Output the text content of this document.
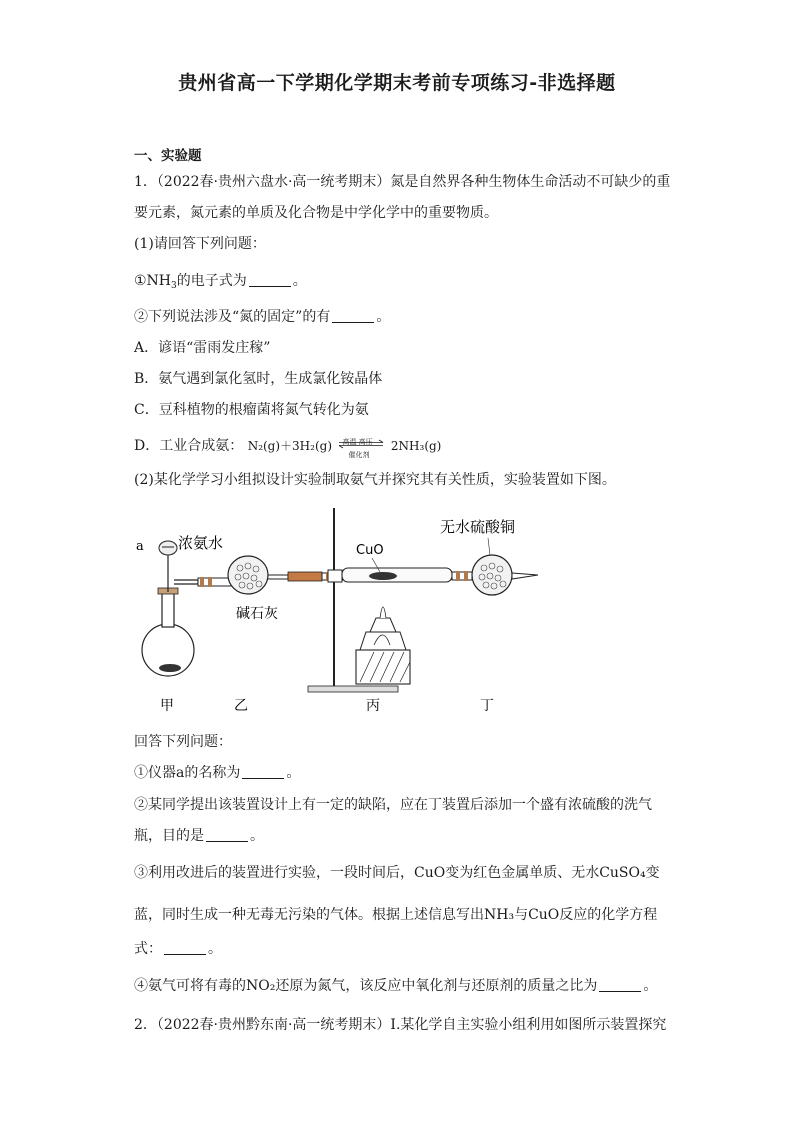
贵州省高一下学期化学期末考前专项练习-非选择题
一、实验题
1．（2022春·贵州六盘水·高一统考期末）氮是自然界各种生物体生命活动不可缺少的重
要元素，氮元素的单质及化合物是中学化学中的重要物质。
(1)请回答下列问题：
$①NH_3$的电子式为	。
②下列说法涉及“氮的固定”的有	。
A．谚语“雷雨发庄稼”
B．氨气遇到氯化氢时，生成氯化铵晶体
C．豆科植物的根瘤菌将氮气转化为氨
D．工业合成氨： N₂(g)＋3H₂(g) 高温 高压
催化剂
2NH₃(g)
(2)某化学学习小组拟设计实验制取氨气并探究其有关性质，实验装置如下图。
a 浓氨水
碱石灰
CuO
无水硫酸铜
甲	乙	丙	丁
回答下列问题：
①仪器a的名称为	。
②某同学提出该装置设计上有一定的缺陷，应在丁装置后添加一个盛有浓硫酸的洗气
瓶，目的是	。
③利用改进后的装置进行实验，一段时间后，CuO变为红色金属单质、无水CuSO₄变
蓝，同时生成一种无毒无污染的气体。根据上述信息写出NH₃与CuO反应的化学方程
式：	。
④氨气可将有毒的NO₂还原为氮气，该反应中氧化剂与还原剂的质量之比为	。
2．（2022春·贵州黔东南·高一统考期末）I.某化学自主实验小组利用如图所示装置探究
